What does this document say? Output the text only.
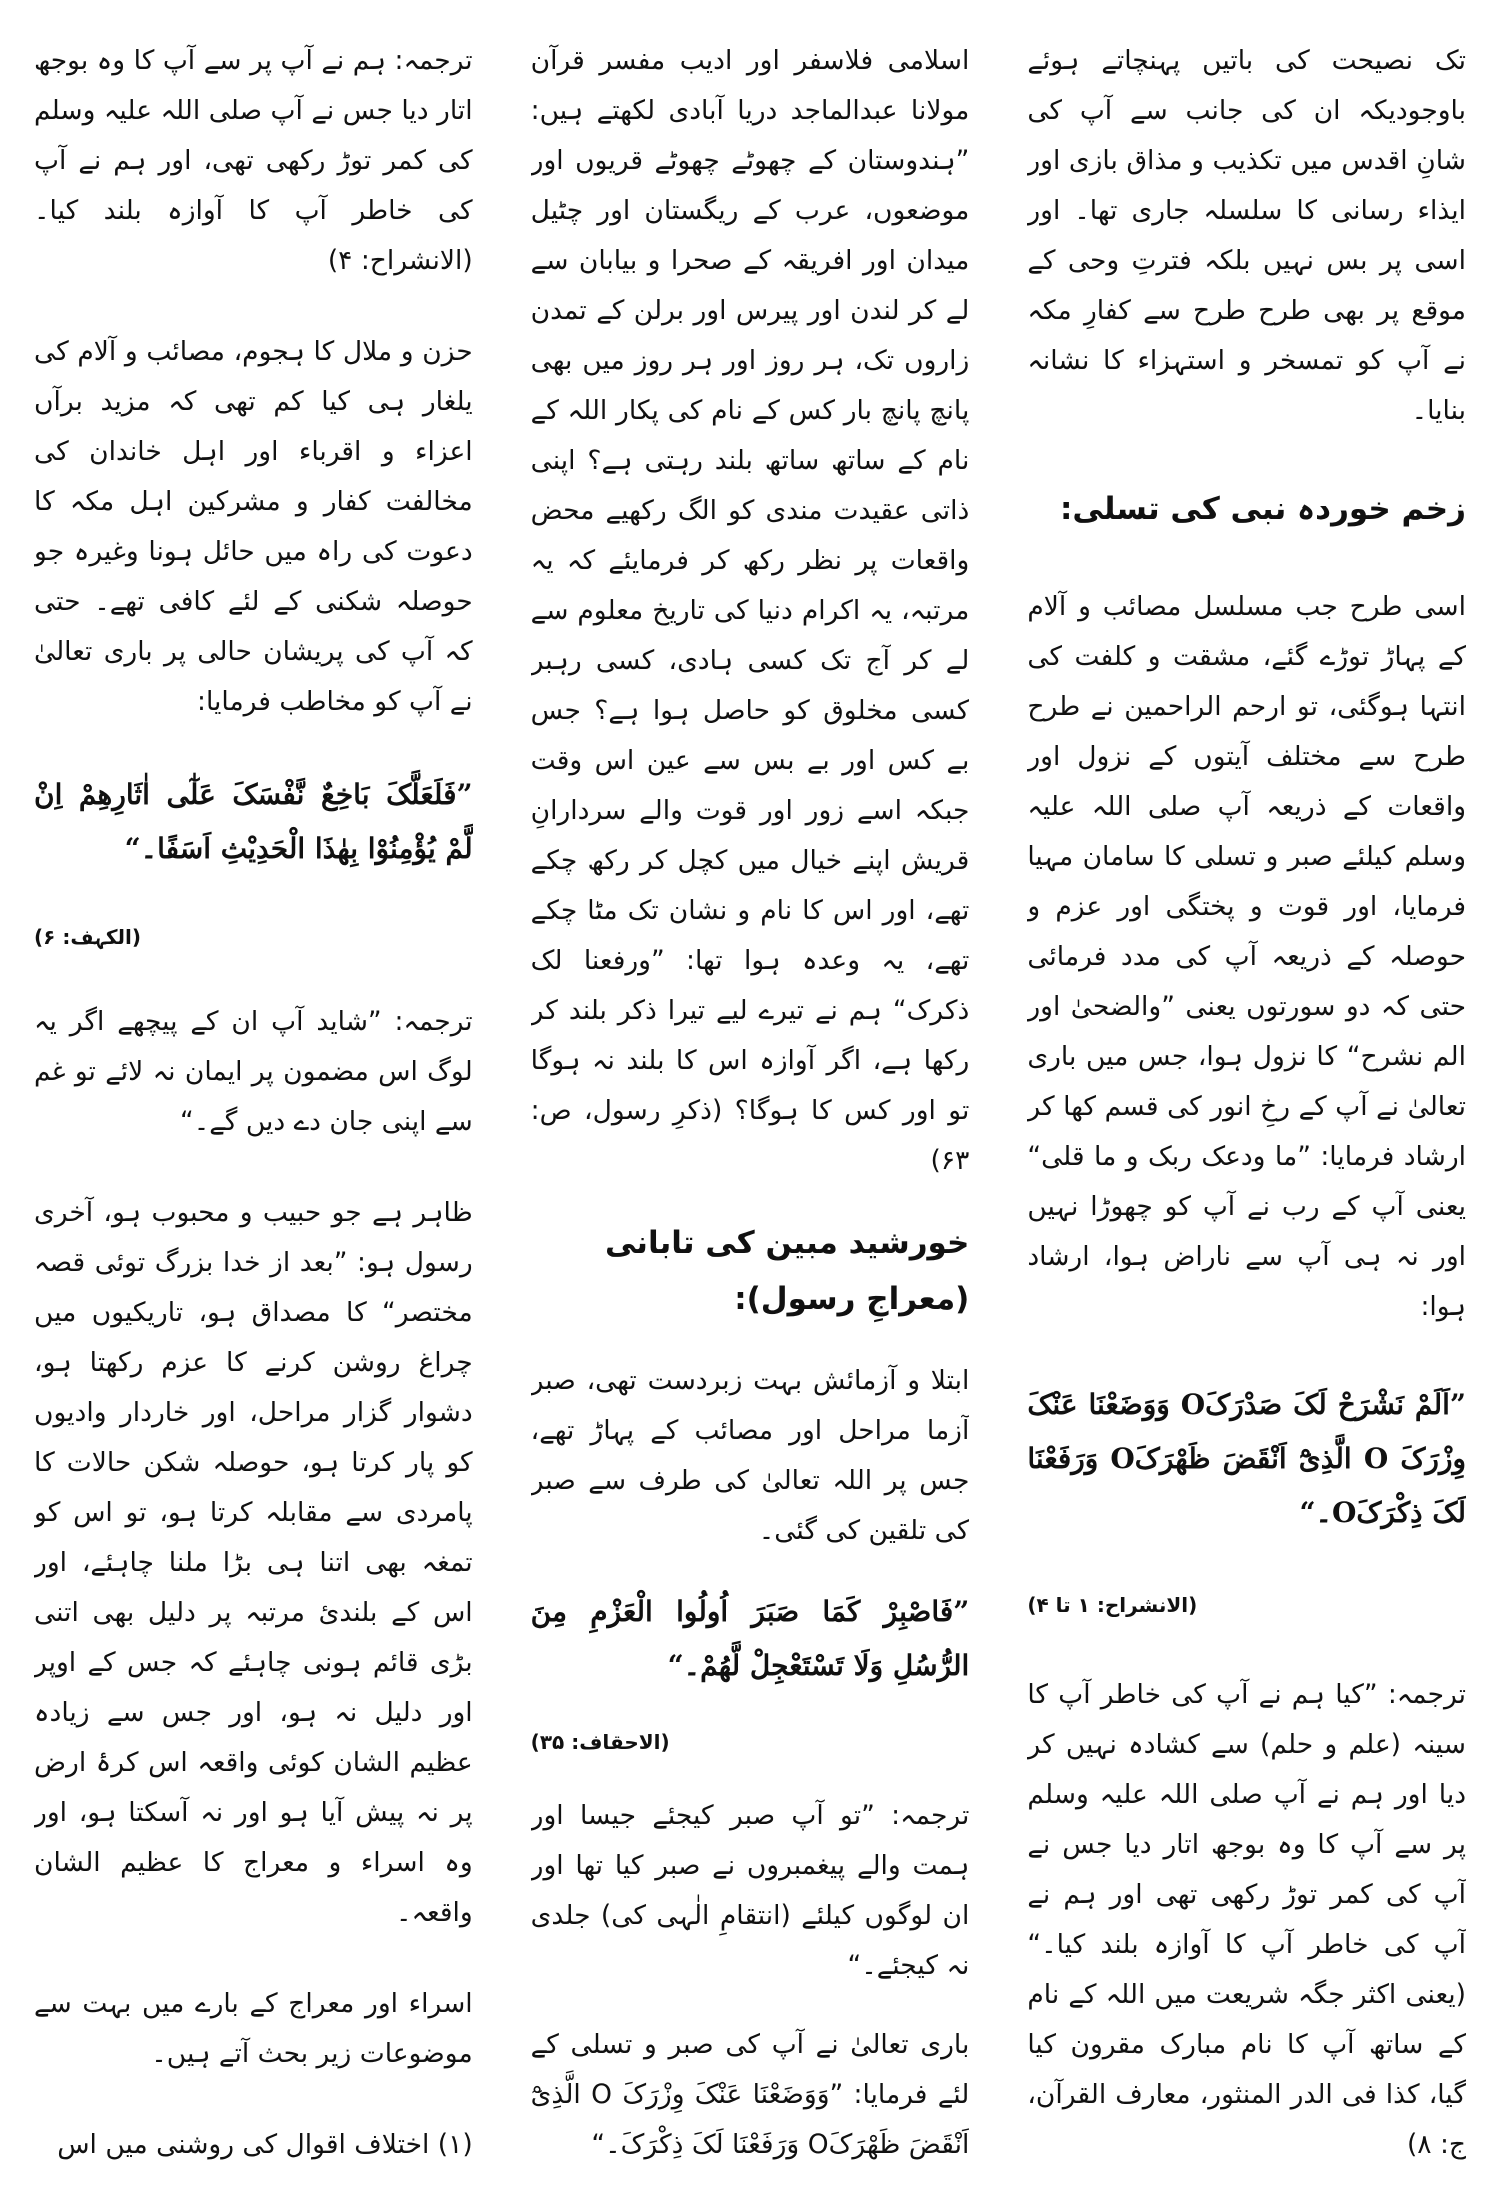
تک نصیحت کی باتیں پہنچاتے ہوئے باوجودیکہ ان کی جانب سے آپ کی شانِ اقدس میں تکذیب و مذاق بازی اور ایذاء رسانی کا سلسلہ جاری تھا۔ اور اسی پر بس نہیں بلکہ فترتِ وحی کے موقع پر بھی طرح طرح سے کفارِ مکہ نے آپ کو تمسخر و استہزاء کا نشانہ بنایا۔

زخم خوردہ نبی کی تسلی:

اسی طرح جب مسلسل مصائب و آلام کے پہاڑ توڑے گئے، مشقت و کلفت کی انتہا ہوگئی، تو ارحم الراحمین نے طرح طرح سے مختلف آیتوں کے نزول اور واقعات کے ذریعہ آپ صلی اللہ علیہ وسلم کیلئے صبر و تسلی کا سامان مہیا فرمایا، اور قوت و پختگی اور عزم و حوصلہ کے ذریعہ آپ کی مدد فرمائی حتی کہ دو سورتوں یعنی ”والضحیٰ اور الم نشرح“ کا نزول ہوا، جس میں باری تعالیٰ نے آپ کے رخِ انور کی قسم کھا کر ارشاد فرمایا: ”ما ودعک ربک و ما قلی“ یعنی آپ کے رب نے آپ کو چھوڑا نہیں اور نہ ہی آپ سے ناراض ہوا، ارشاد ہوا:

”اَلَمْ نَشْرَحْ لَکَ صَدْرَکَO وَوَضَعْنَا عَنْکَ وِزْرَکَ O الَّذِیْٓ اَنْقَضَ ظَھْرَکَO وَرَفَعْنَا لَکَ ذِکْرَکَO۔“

(الانشراح: ۱ تا ۴)

ترجمہ: ”کیا ہم نے آپ کی خاطر آپ کا سینہ (علم و حلم) سے کشادہ نہیں کر دیا اور ہم نے آپ صلی اللہ علیہ وسلم پر سے آپ کا وہ بوجھ اتار دیا جس نے آپ کی کمر توڑ رکھی تھی اور ہم نے آپ کی خاطر آپ کا آوازہ بلند کیا۔“ (یعنی اکثر جگہ شریعت میں اللہ کے نام کے ساتھ آپ کا نام مبارک مقرون کیا گیا، کذا فی الدر المنثور، معارف القرآن، ج: ۸)

اسلامی فلاسفر اور ادیب مفسر قرآن مولانا عبدالماجد دریا آبادی لکھتے ہیں: ”ہندوستان کے چھوٹے چھوٹے قریوں اور موضعوں، عرب کے ریگستان اور چٹیل میدان اور افریقہ کے صحرا و بیابان سے لے کر لندن اور پیرس اور برلن کے تمدن زاروں تک، ہر روز اور ہر روز میں بھی پانچ پانچ بار کس کے نام کی پکار اللہ کے نام کے ساتھ ساتھ بلند رہتی ہے؟ اپنی ذاتی عقیدت مندی کو الگ رکھیے محض واقعات پر نظر رکھ کر فرمایئے کہ یہ مرتبہ، یہ اکرام دنیا کی تاریخ معلوم سے لے کر آج تک کسی ہادی، کسی رہبر کسی مخلوق کو حاصل ہوا ہے؟ جس بے کس اور بے بس سے عین اس وقت جبکہ اسے زور اور قوت والے سردارانِ قریش اپنے خیال میں کچل کر رکھ چکے تھے، اور اس کا نام و نشان تک مٹا چکے تھے، یہ وعدہ ہوا تھا: ”ورفعنا لک ذکرک“ ہم نے تیرے لیے تیرا ذکر بلند کر رکھا ہے، اگر آوازہ اس کا بلند نہ ہوگا تو اور کس کا ہوگا؟ (ذکرِ رسول، ص: ۶۳)

خورشید مبین کی تابانی (معراجِ رسول):

ابتلا و آزمائش بہت زبردست تھی، صبر آزما مراحل اور مصائب کے پہاڑ تھے، جس پر اللہ تعالیٰ کی طرف سے صبر کی تلقین کی گئی۔

”فَاصْبِرْ کَمَا صَبَرَ اُولُوا الْعَزْمِ مِنَ الرُّسُلِ وَلَا تَسْتَعْجِلْ لَّھُمْ۔“

(الاحقاف: ۳۵)

ترجمہ: ”تو آپ صبر کیجئے جیسا اور ہمت والے پیغمبروں نے صبر کیا تھا اور ان لوگوں کیلئے (انتقامِ الٰہی کی) جلدی نہ کیجئے۔“

باری تعالیٰ نے آپ کی صبر و تسلی کے لئے فرمایا: ”وَوَضَعْنَا عَنْکَ وِزْرَکَ O الَّذِیْٓ اَنْقَضَ ظَھْرَکَO وَرَفَعْنَا لَکَ ذِکْرَکَ۔“

ترجمہ: ہم نے آپ پر سے آپ کا وہ بوجھ اتار دیا جس نے آپ صلی اللہ علیہ وسلم کی کمر توڑ رکھی تھی، اور ہم نے آپ کی خاطر آپ کا آوازہ بلند کیا۔ (الانشراح: ۴)

حزن و ملال کا ہجوم، مصائب و آلام کی یلغار ہی کیا کم تھی کہ مزید برآں اعزاء و اقرباء اور اہل خاندان کی مخالفت کفار و مشرکین اہل مکہ کا دعوت کی راہ میں حائل ہونا وغیرہ جو حوصلہ شکنی کے لئے کافی تھے۔ حتی کہ آپ کی پریشان حالی پر باری تعالیٰ نے آپ کو مخاطب فرمایا:

”فَلَعَلَّکَ بَاخِعٌ نَّفْسَکَ عَلٰٓی اٰثَارِھِمْ اِنْ لَّمْ یُؤْمِنُوْا بِھٰذَا الْحَدِیْثِ اَسَفًا۔“

(الکہف: ۶)

ترجمہ: ”شاید آپ ان کے پیچھے اگر یہ لوگ اس مضمون پر ایمان نہ لائے تو غم سے اپنی جان دے دیں گے۔“

ظاہر ہے جو حبیب و محبوب ہو، آخری رسول ہو: ”بعد از خدا بزرگ توئی قصہ مختصر“ کا مصداق ہو، تاریکیوں میں چراغ روشن کرنے کا عزم رکھتا ہو، دشوار گزار مراحل، اور خاردار وادیوں کو پار کرتا ہو، حوصلہ شکن حالات کا پامردی سے مقابلہ کرتا ہو، تو اس کو تمغہ بھی اتنا ہی بڑا ملنا چاہئے، اور اس کے بلندیٔ مرتبہ پر دلیل بھی اتنی بڑی قائم ہونی چاہئے کہ جس کے اوپر اور دلیل نہ ہو، اور جس سے زیادہ عظیم الشان کوئی واقعہ اس کرۂ ارض پر نہ پیش آیا ہو اور نہ آسکتا ہو، اور وہ اسراء و معراج کا عظیم الشان واقعہ۔

اسراء اور معراج کے بارے میں بہت سے موضوعات زیر بحث آتے ہیں۔

(۱) اختلاف اقوال کی روشنی میں اس
